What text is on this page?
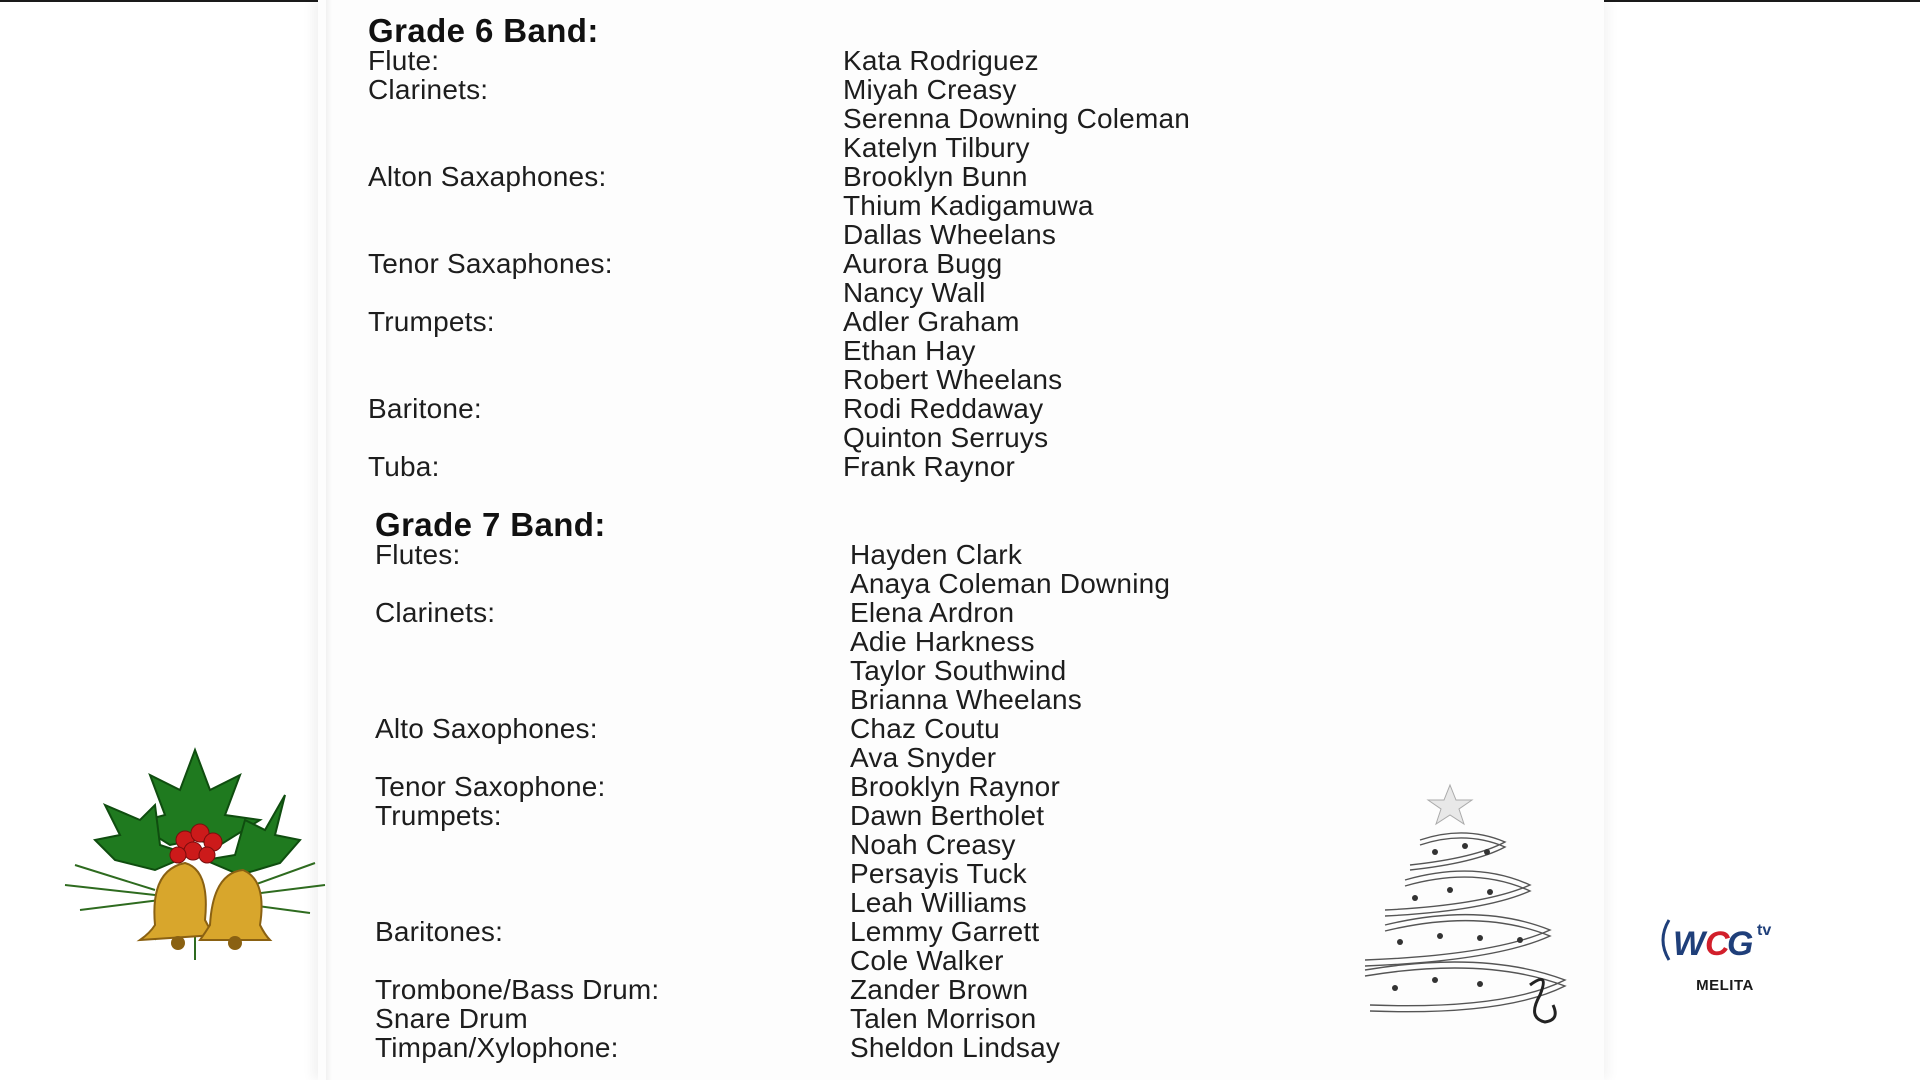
Grade 6 Band:
Flute:	Kata Rodriguez
Clarinets:	Miyah Creasy
Serenna Downing Coleman
Katelyn Tilbury
Alton Saxaphones:	Brooklyn Bunn
Thium Kadigamuwa
Dallas Wheelans
Tenor Saxaphones:	Aurora Bugg
Nancy Wall
Trumpets:	Adler Graham
Ethan Hay
Robert Wheelans
Baritone:	Rodi Reddaway
Quinton Serruys
Tuba:	Frank Raynor
Grade 7 Band:
Flutes:	Hayden Clark
Anaya Coleman Downing
Clarinets:	Elena Ardron
Adie Harkness
Taylor Southwind
Brianna Wheelans
Alto Saxophones:	Chaz Coutu
Ava Snyder
Tenor Saxophone:	Brooklyn Raynor
Trumpets:	Dawn Bertholet
Noah Creasy
Persayis Tuck
Leah Williams
Baritones:	Lemmy Garrett
Cole Walker
Trombone/Bass Drum:	Zander Brown
Snare Drum	Talen Morrison
Timpan/Xylophone:	Sheldon Lindsay
W C
G tv
MELITA
